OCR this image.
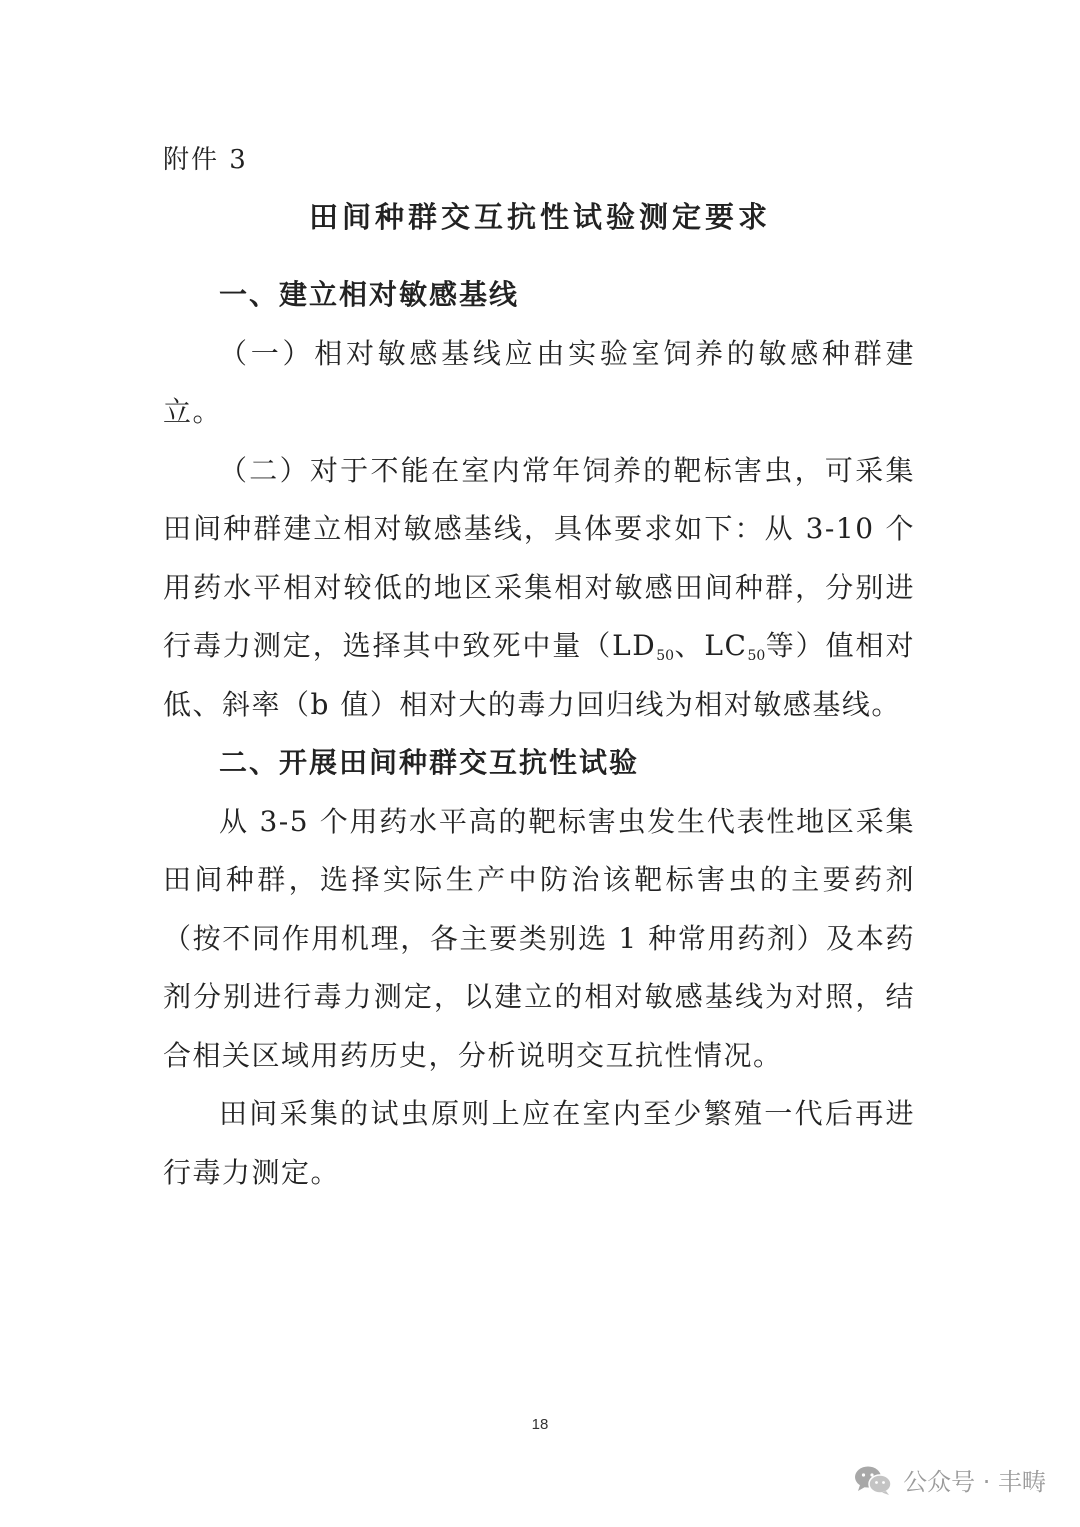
附件 3
田间种群交互抗性试验测定要求
一、建立相对敏感基线

（一）相对敏感基线应由实验室饲养的敏感种群建立。

（二）对于不能在室内常年饲养的靶标害虫，可采集田间种群建立相对敏感基线，具体要求如下：从 3-10 个用药水平相对较低的地区采集相对敏感田间种群，分别进行毒力测定，选择其中致死中量（$LD_{50}$、$LC_{50}$等）值相对低、斜率（b 值）相对大的毒力回归线为相对敏感基线。

二、开展田间种群交互抗性试验

从 3-5 个用药水平高的靶标害虫发生代表性地区采集田间种群，选择实际生产中防治该靶标害虫的主要药剂（按不同作用机理，各主要类别选 1 种常用药剂）及本药剂分别进行毒力测定，以建立的相对敏感基线为对照，结合相关区域用药历史，分析说明交互抗性情况。

田间采集的试虫原则上应在室内至少繁殖一代后再进行毒力测定。

18
公众号 · 丰畴
